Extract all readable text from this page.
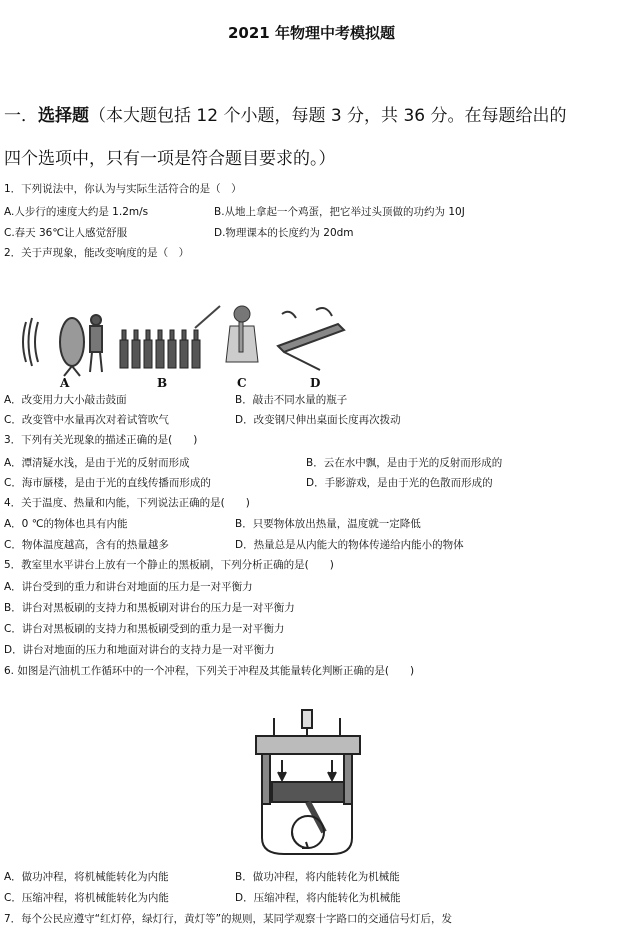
2021 年物理中考模拟题
一．选择题（本大题包括 12 个小题，每题 3 分，共 36 分。在每题给出的
四个选项中，只有一项是符合题目要求的。）
1．下列说法中，你认为与实际生活符合的是（　）
A.人步行的速度大约是 1.2m/s	B.从地上拿起一个鸡蛋，把它举过头顶做的功约为 10J
C.春天 36℃让人感觉舒服	D.物理课本的长度约为 20dm
2．关于声现象，能改变响度的是（　）
A	B	C	D
A．改变用力大小敲击鼓面	B．敲击不同水量的瓶子
C．改变管中水量再次对着试管吹气	D．改变钢尺伸出桌面长度再次拨动
3．下列有关光现象的描述正确的是(　　)
A．潭清疑水浅，是由于光的反射而形成	B．云在水中飘，是由于光的反射而形成的
C．海市蜃楼，是由于光的直线传播而形成的	D．手影游戏，是由于光的色散而形成的
4．关于温度、热量和内能，下列说法正确的是(　　)
A．0 ℃的物体也具有内能	B．只要物体放出热量，温度就一定降低
C．物体温度越高，含有的热量越多	D．热量总是从内能大的物体传递给内能小的物体
5．教室里水平讲台上放有一个静止的黑板刷，下列分析正确的是(　　)
A．讲台受到的重力和讲台对地面的压力是一对平衡力
B．讲台对黑板刷的支持力和黑板刷对讲台的压力是一对平衡力
C．讲台对黑板刷的支持力和黑板刷受到的重力是一对平衡力
D．讲台对地面的压力和地面对讲台的支持力是一对平衡力
6. 如图是汽油机工作循环中的一个冲程，下列关于冲程及其能量转化判断正确的是(　　)
A．做功冲程，将机械能转化为内能	B．做功冲程，将内能转化为机械能
C．压缩冲程，将机械能转化为内能	D．压缩冲程，将内能转化为机械能
7．每个公民应遵守“红灯停，绿灯行，黄灯等”的规则，某同学观察十字路口的交通信号灯后，发
